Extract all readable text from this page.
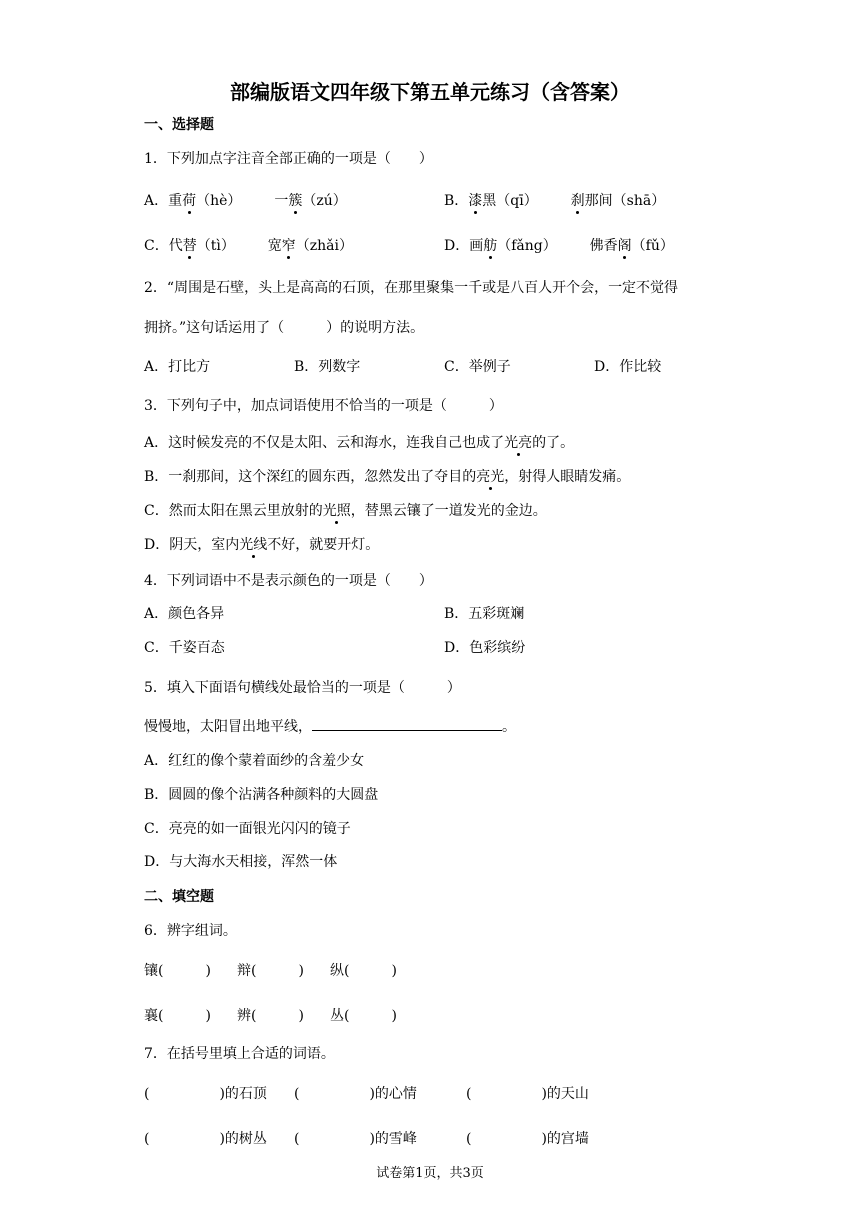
部编版语文四年级下第五单元练习（含答案）
一、选择题
1．下列加点字注音全部正确的一项是（　　）
A．重荷（hè） 一簇（zú）	B．漆黑（qī） 刹那间（shā）
C．代替（tì） 宽窄（zhǎi）	D．画舫（fǎng） 佛香阁（fǔ）
2．“周围是石壁，头上是高高的石顶，在那里聚集一千或是八百人开个会，一定不觉得
拥挤。”这句话运用了（　　　）的说明方法。
A．打比方	B．列数字	C．举例子	D．作比较
3．下列句子中，加点词语使用不恰当的一项是（　　　）
A．这时候发亮的不仅是太阳、云和海水，连我自己也成了光亮的了。
B．一刹那间，这个深红的圆东西，忽然发出了夺目的亮光，射得人眼睛发痛。
C．然而太阳在黑云里放射的光照，替黑云镶了一道发光的金边。
D．阴天，室内光线不好，就要开灯。
4．下列词语中不是表示颜色的一项是（　　）
A．颜色各异	B．五彩斑斓
C．千姿百态	D．色彩缤纷
5．填入下面语句横线处最恰当的一项是（　　　）
慢慢地，太阳冒出地平线，	。
A．红红的像个蒙着面纱的含羞少女
B．圆圆的像个沾满各种颜料的大圆盘
C．亮亮的如一面银光闪闪的镜子
D．与大海水天相接，浑然一体
二、填空题
6．辨字组词。
镶(　　　) 辩(　　　) 纵(　　　)
襄(　　　) 辨(　　　) 丛(　　　)
7．在括号里填上合适的词语。
(　　　　　)的石顶 (　　　　　)的心情	(　　　　　)的天山
(　　　　　)的树丛 (　　　　　)的雪峰	(　　　　　)的宫墙
试卷第1页，共3页
